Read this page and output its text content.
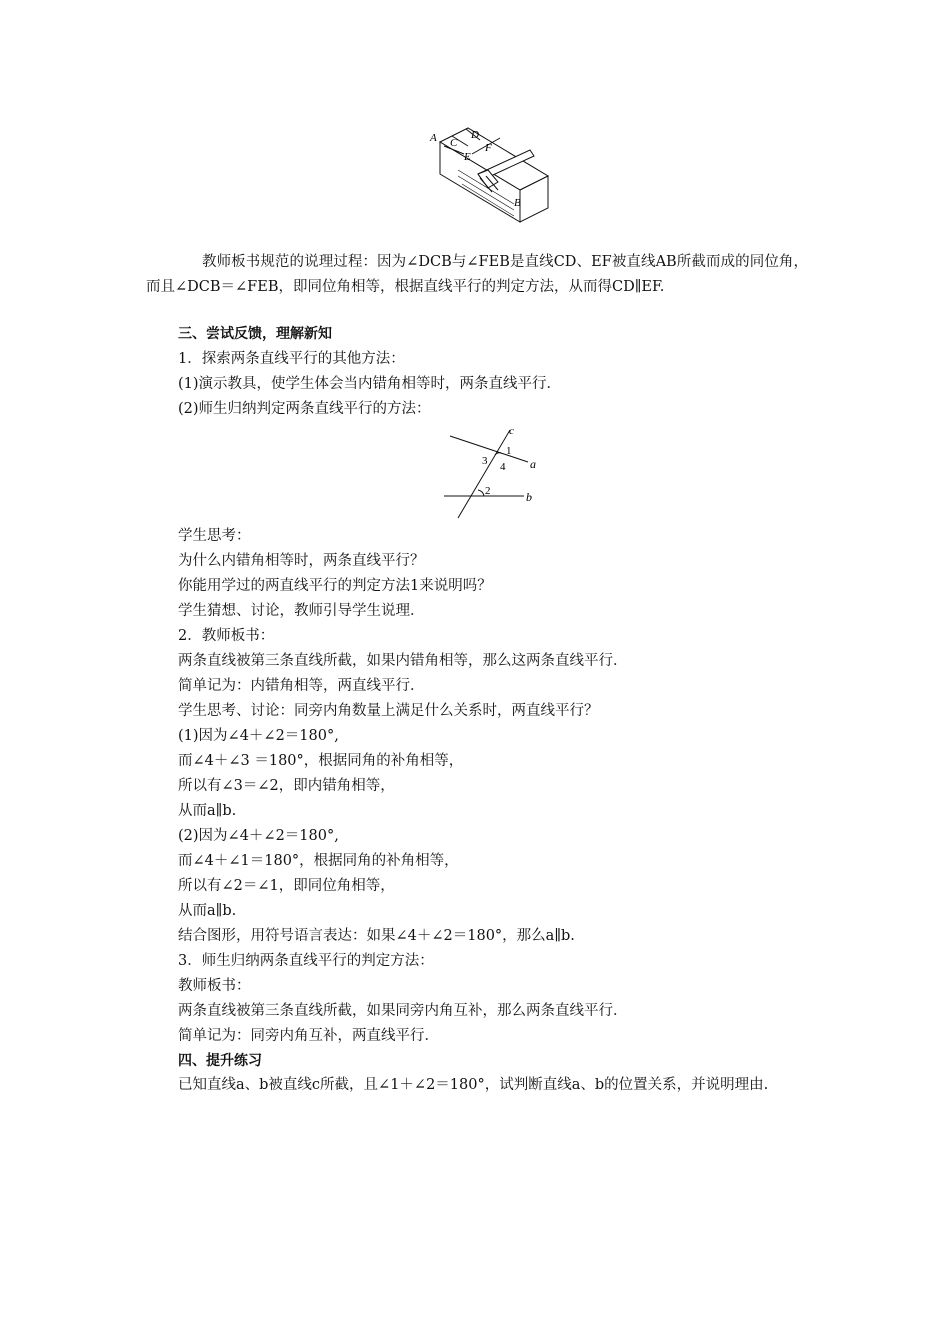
A C
D
E
F
B
教师板书规范的说理过程：因为∠DCB与∠FEB是直线CD、EF被直线AB所截而成的同位角，而且∠DCB＝∠FEB，即同位角相等，根据直线平行的判定方法，从而得CD∥EF.
三、尝试反馈，理解新知
1．探索两条直线平行的其他方法：
(1)演示教具，使学生体会当内错角相等时，两条直线平行．
(2)师生归纳判定两条直线平行的方法：
c
a
b
1
2
3 4
学生思考：
为什么内错角相等时，两条直线平行？
你能用学过的两直线平行的判定方法1来说明吗？
学生猜想、讨论，教师引导学生说理．
2．教师板书：
两条直线被第三条直线所截，如果内错角相等，那么这两条直线平行．
简单记为：内错角相等，两直线平行．
学生思考、讨论：同旁内角数量上满足什么关系时，两直线平行？
(1)因为∠4＋∠2＝180°,
而∠4＋∠3 ＝180°，根据同角的补角相等，
所以有∠3＝∠2，即内错角相等，
从而a∥b.
(2)因为∠4＋∠2＝180°,
而∠4＋∠1＝180°，根据同角的补角相等，
所以有∠2＝∠1，即同位角相等，
从而a∥b.
结合图形，用符号语言表达：如果∠4＋∠2＝180°，那么a∥b.
3．师生归纳两条直线平行的判定方法：
教师板书：
两条直线被第三条直线所截，如果同旁内角互补，那么两条直线平行．
简单记为：同旁内角互补，两直线平行．
四、提升练习
已知直线a、b被直线c所截，且∠1＋∠2＝180°，试判断直线a、b的位置关系，并说明理由.
